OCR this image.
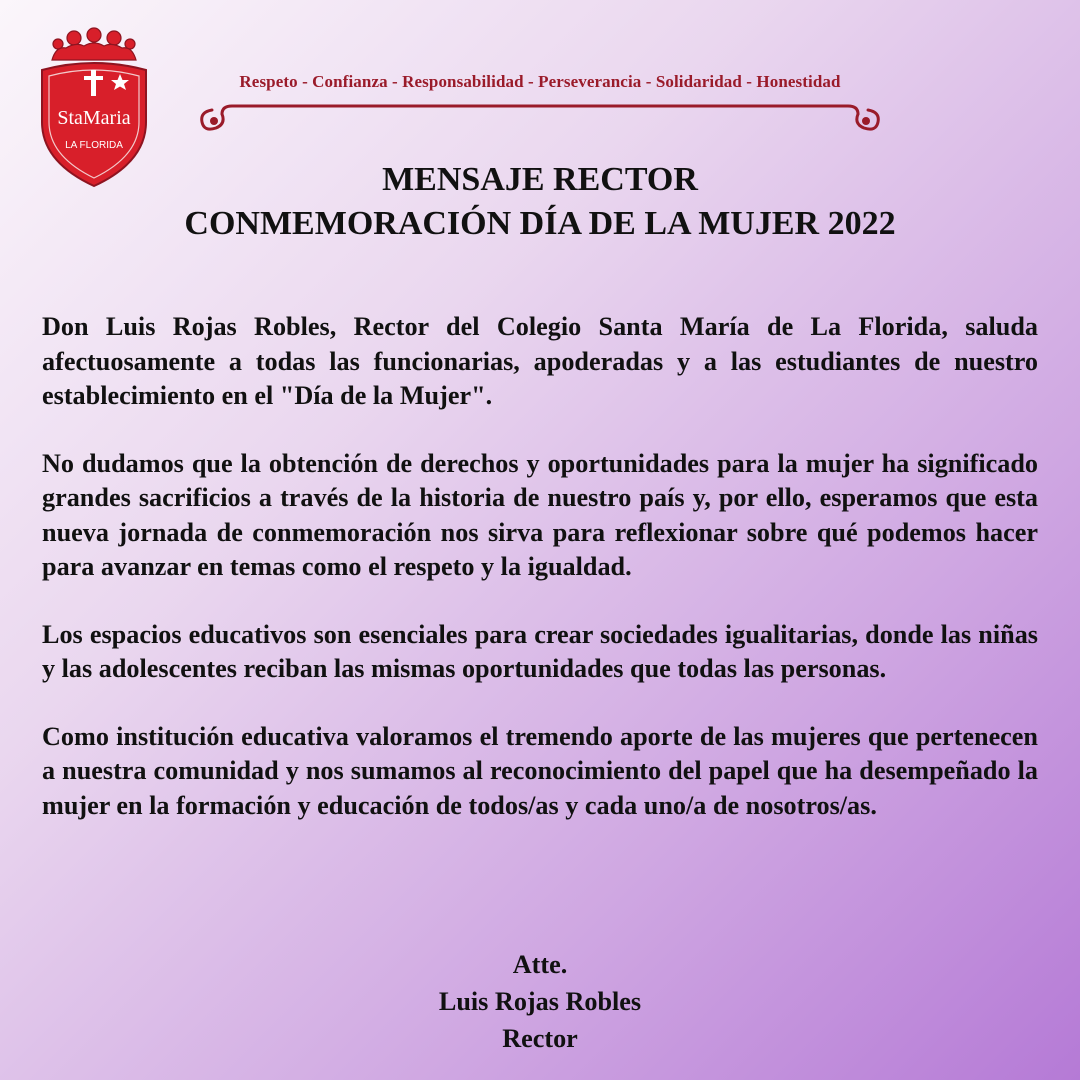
StaMaria
LA FLORIDA
Respeto - Confianza - Responsabilidad - Perseverancia - Solidaridad - Honestidad
MENSAJE RECTOR
CONMEMORACIÓN DÍA DE LA MUJER 2022

Don Luis Rojas Robles, Rector del Colegio Santa María de La Florida, saluda afectuosamente a todas las funcionarias, apoderadas y a las estudiantes de nuestro establecimiento en el "Día de la Mujer".

No dudamos que la obtención de derechos y oportunidades para la mujer ha significado grandes sacrificios a través de la historia de nuestro país y, por ello, esperamos que esta nueva jornada de conmemoración nos sirva para reflexionar sobre qué podemos hacer para avanzar en temas como el respeto y la igualdad.

Los espacios educativos son esenciales para crear sociedades igualitarias, donde las niñas y las adolescentes reciban las mismas oportunidades que todas las personas.

Como institución educativa valoramos el tremendo aporte de las mujeres que pertenecen a nuestra comunidad y nos sumamos al reconocimiento del papel que ha desempeñado la mujer en la formación y educación de todos/as y cada uno/a de nosotros/as.

Atte.
Luis Rojas Robles
Rector
